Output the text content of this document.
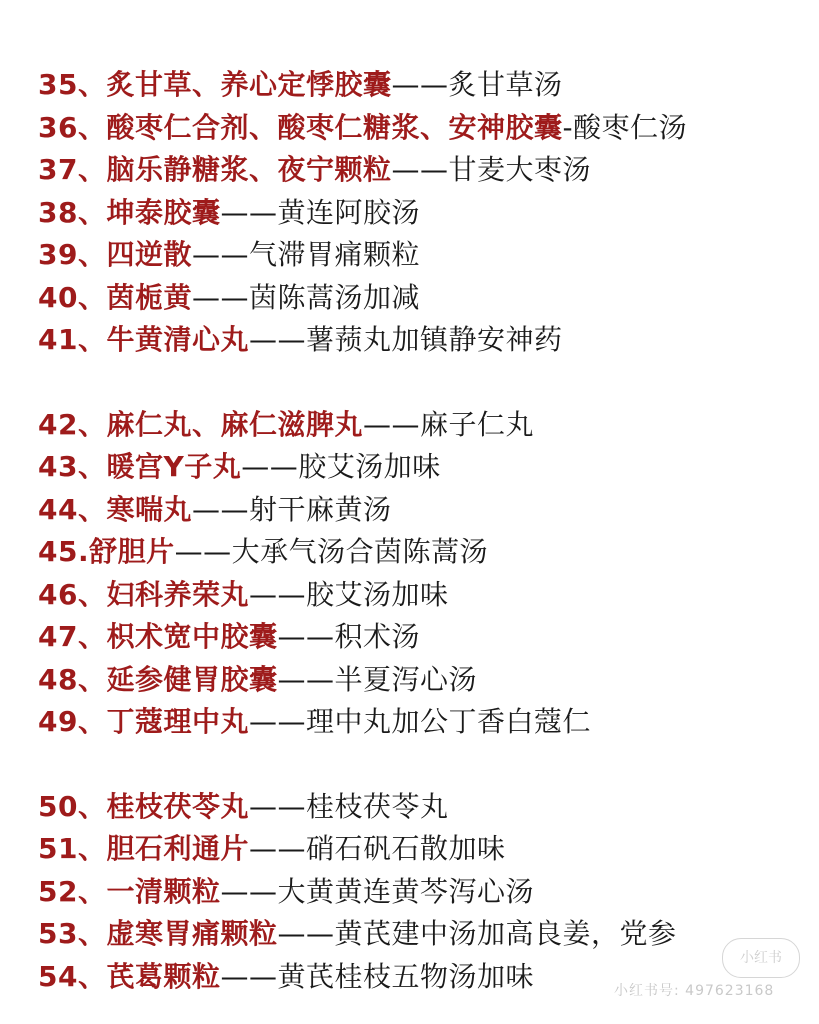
35、炙甘草、养心定悸胶囊——炙甘草汤
36、酸枣仁合剂、酸枣仁糖浆、安神胶囊-酸枣仁汤
37、脑乐静糖浆、夜宁颗粒——甘麦大枣汤
38、坤泰胶囊——黄连阿胶汤
39、四逆散——气滞胃痛颗粒
40、茵栀黄——茵陈蒿汤加减
41、牛黄清心丸——薯蓣丸加镇静安神药
42、麻仁丸、麻仁滋脾丸——麻子仁丸
43、暖宫Y子丸——胶艾汤加味
44、寒喘丸——射干麻黄汤
45.舒胆片——大承气汤合茵陈蒿汤
46、妇科养荣丸——胶艾汤加味
47、枳术宽中胶囊——积术汤
48、延参健胃胶囊——半夏泻心汤
49、丁蔻理中丸——理中丸加公丁香白蔻仁
50、桂枝茯苓丸——桂枝茯苓丸
51、胆石利通片——硝石矾石散加味
52、一清颗粒——大黄黄连黄芩泻心汤
53、虚寒胃痛颗粒——黄芪建中汤加高良姜，党参
54、芪葛颗粒——黄芪桂枝五物汤加味
小红书
小红书号: 497623168
